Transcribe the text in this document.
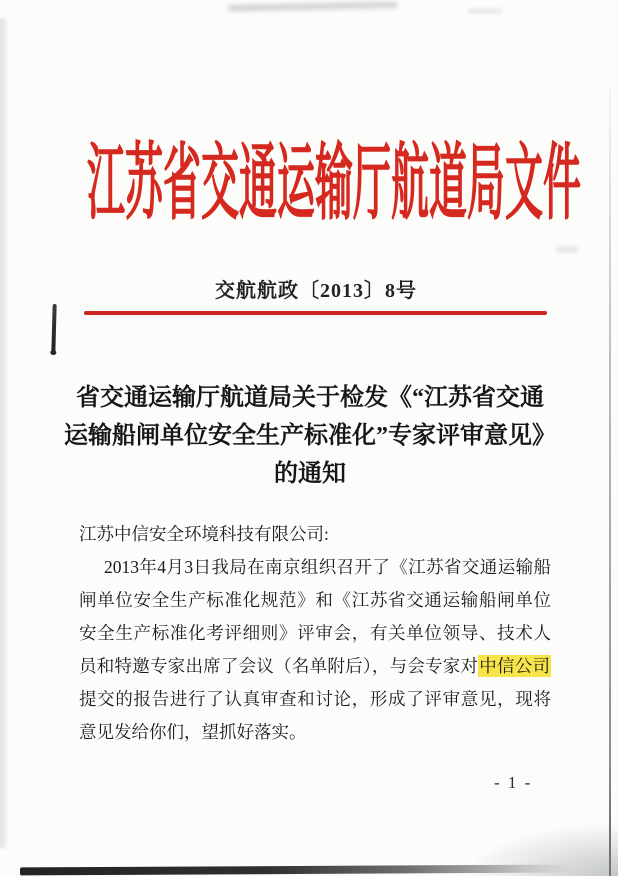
江苏省交通运输厅航道局文件
交航航政〔2013〕8号
省交通运输厅航道局关于检发《“江苏省交通
运输船闸单位安全生产标准化”专家评审意见》
的通知

江苏中信安全环境科技有限公司:

2013年4月3日我局在南京组织召开了《江苏省交通运输船闸单位安全生产标准化规范》和《江苏省交通运输船闸单位安全生产标准化考评细则》评审会，有关单位领导、技术人员和特邀专家出席了会议（名单附后），与会专家对中信公司提交的报告进行了认真审查和讨论，形成了评审意见，现将意见发给你们，望抓好落实。

- 1 -
